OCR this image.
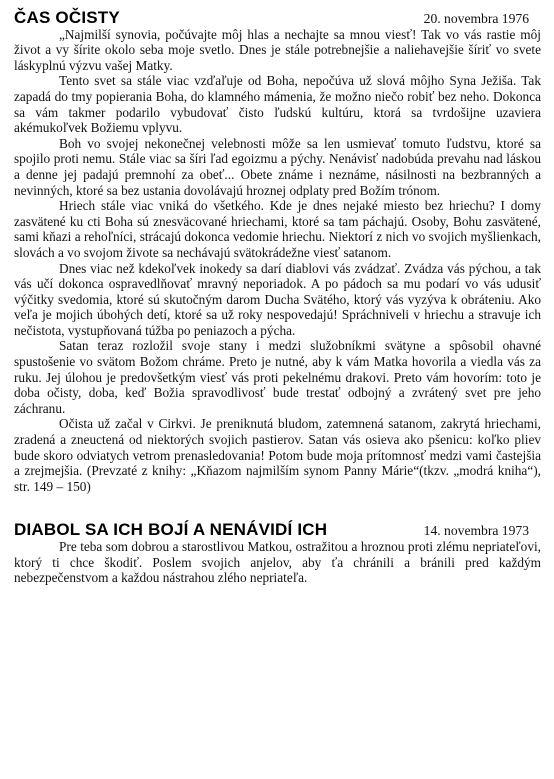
ČAS OČISTY	20. novembra 1976

„Najmilší synovia, počúvajte môj hlas a nechajte sa mnou viesť! Tak vo vás rastie môj život a vy šírite okolo seba moje svetlo. Dnes je stále potrebnejšie a naliehavejšie šíriť vo svete láskyplnú výzvu vašej Matky.

Tento svet sa stále viac vzďaľuje od Boha, nepočúva už slová môjho Syna Ježiša. Tak zapadá do tmy popierania Boha, do klamného mámenia, že možno niečo robiť bez neho. Dokonca sa vám takmer podarilo vybudovať čisto ľudskú kultúru, ktorá sa tvrdošijne uzaviera akémukoľvek Božiemu vplyvu.

Boh vo svojej nekonečnej velebnosti môže sa len usmievať tomuto ľudstvu, ktoré sa spojilo proti nemu. Stále viac sa šíri ľad egoizmu a pýchy. Nenávisť nadobúda prevahu nad láskou a denne jej padajú premnohí za obeť... Obete známe i neznáme, násilnosti na bezbranných a nevinných, ktoré sa bez ustania dovolávajú hroznej odplaty pred Božím trónom.

Hriech stále viac vniká do všetkého. Kde je dnes nejaké miesto bez hriechu? I domy zasvätené ku cti Boha sú znesväcované hriechami, ktoré sa tam páchajú. Osoby, Bohu zasvätené, sami kňazi a rehoľníci, strácajú dokonca vedomie hriechu. Niektorí z nich vo svojich myšlienkach, slovách a vo svojom živote sa nechávajú svätokrádežne viesť satanom.

Dnes viac než kdekoľvek inokedy sa darí diablovi vás zvádzať. Zvádza vás pýchou, a tak vás učí dokonca ospravedlňovať mravný neporiadok. A po pádoch sa mu podarí vo vás udusiť výčitky svedomia, ktoré sú skutočným darom Ducha Svätého, ktorý vás vyzýva k obráteniu. Ako veľa je mojich úbohých detí, ktoré sa už roky nespovedajú! Spráchniveli v hriechu a stravuje ich nečistota, vystupňovaná túžba po peniazoch a pýcha.

Satan teraz rozložil svoje stany i medzi služobníkmi svätyne a spôsobil ohavné spustošenie vo svätom Božom chráme. Preto je nutné, aby k vám Matka hovorila a viedla vás za ruku. Jej úlohou je predovšetkým viesť vás proti pekelnému drakovi. Preto vám hovorím: toto je doba očisty, doba, keď Božia spravodlivosť bude trestať odbojný a zvrátený svet pre jeho záchranu.

Očista už začal v Cirkvi. Je preniknutá bludom, zatemnená satanom, zakrytá hriechami, zradená a zneuctená od niektorých svojich pastierov. Satan vás osieva ako pšenicu: koľko pliev bude skoro odviatych vetrom prenasledovania! Potom bude moja prítomnosť medzi vami častejšia a zrejmejšia. (Prevzaté z knihy: „Kňazom najmilším synom Panny Márie“(tkzv. „modrá kniha“), str. 149 – 150)

DIABOL SA ICH BOJÍ A NENÁVIDÍ ICH	14. novembra 1973

Pre teba som dobrou a starostlivou Matkou, ostražitou a hroznou proti zlému nepriateľovi, ktorý ti chce škodiť. Poslem svojich anjelov, aby ťa chránili a bránili pred každým nebezpečenstvom a každou nástrahou zlého nepriateľa.
